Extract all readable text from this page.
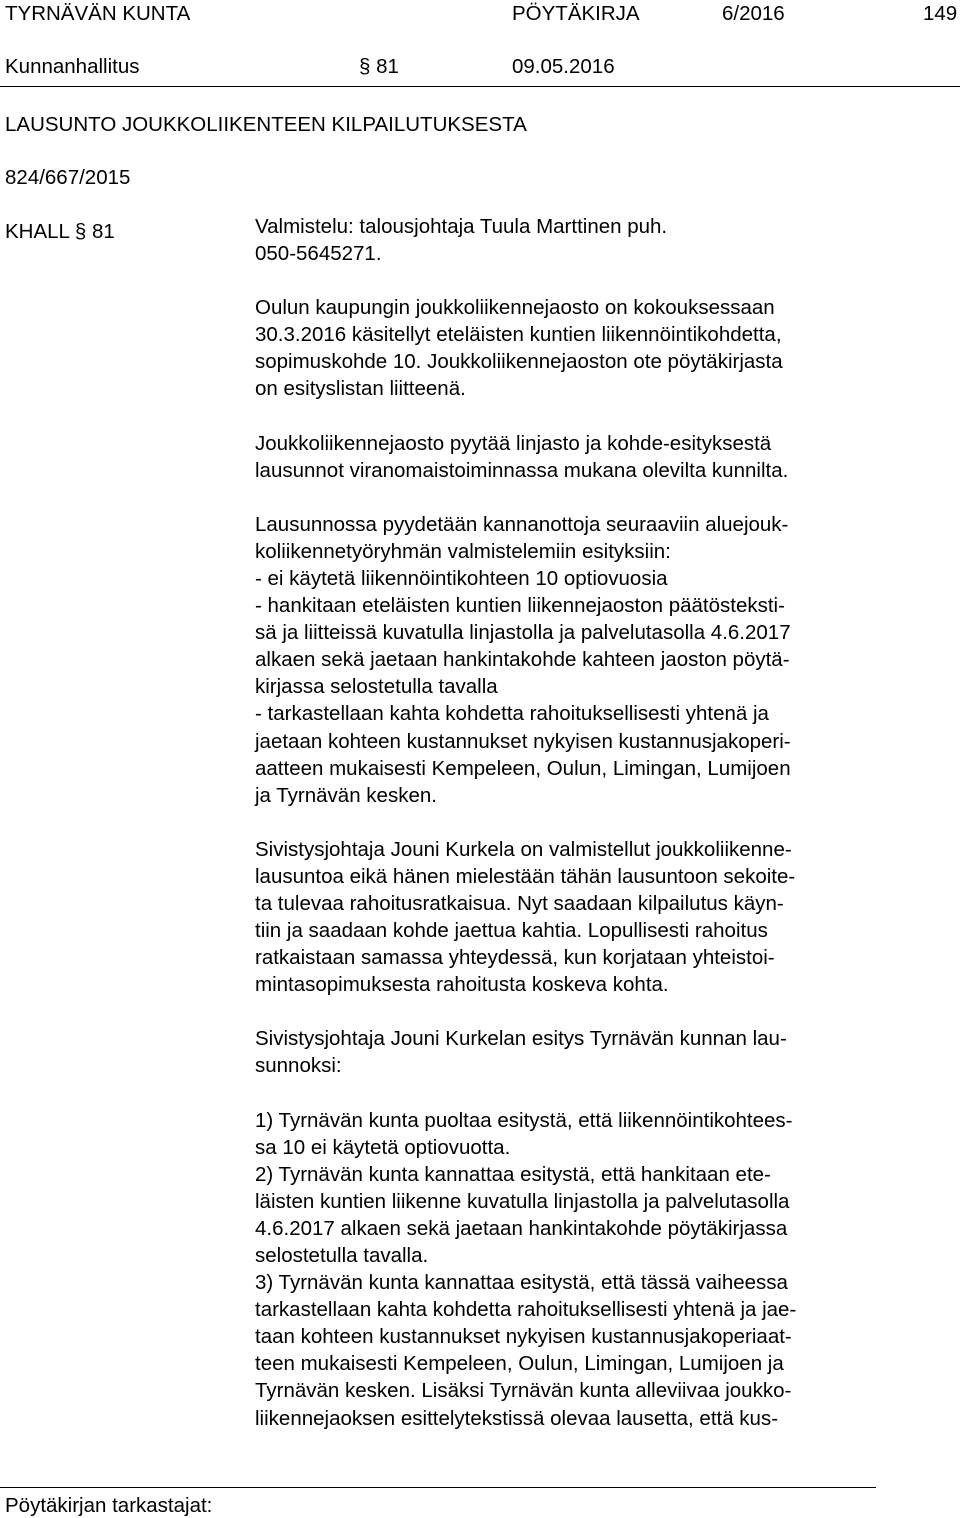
TYRNÄVÄN KUNTA	PÖYTÄKIRJA	6/2016	149
Kunnanhallitus	§ 81	09.05.2016
LAUSUNTO JOUKKOLIIKENTEEN KILPAILUTUKSESTA
824/667/2015
KHALL § 81	Valmistelu: talousjohtaja Tuula Marttinen puh.
050-5645271.
Oulun kaupungin joukkoliikennejaosto on kokouksessaan
30.3.2016 käsitellyt eteläisten kuntien liikennöintikohdetta,
sopimuskohde 10. Joukkoliikennejaoston ote pöytäkirjasta
on esityslistan liitteenä.
Joukkoliikennejaosto pyytää linjasto ja kohde-esityksestä
lausunnot viranomaistoiminnassa mukana olevilta kunnilta.
Lausunnossa pyydetään kannanottoja seuraaviin aluejouk-
koliikennetyöryhmän valmistelemiin esityksiin:
- ei käytetä liikennöintikohteen 10 optiovuosia
- hankitaan eteläisten kuntien liikennejaoston päätösteksti-
sä ja liitteissä kuvatulla linjastolla ja palvelutasolla 4.6.2017
alkaen sekä jaetaan hankintakohde kahteen jaoston pöytä-
kirjassa selostetulla tavalla
- tarkastellaan kahta kohdetta rahoituksellisesti yhtenä ja
jaetaan kohteen kustannukset nykyisen kustannusjakoperi-
aatteen mukaisesti Kempeleen, Oulun, Limingan, Lumijoen
ja Tyrnävän kesken.
Sivistysjohtaja Jouni Kurkela on valmistellut joukkoliikenne-
lausuntoa eikä hänen mielestään tähän lausuntoon sekoite-
ta tulevaa rahoitusratkaisua. Nyt saadaan kilpailutus käyn-
tiin ja saadaan kohde jaettua kahtia. Lopullisesti rahoitus
ratkaistaan samassa yhteydessä, kun korjataan yhteistoi-
mintasopimuksesta rahoitusta koskeva kohta.
Sivistysjohtaja Jouni Kurkelan esitys Tyrnävän kunnan lau-
sunnoksi:
1) Tyrnävän kunta puoltaa esitystä, että liikennöintikohtees-
sa 10 ei käytetä optiovuotta.
2) Tyrnävän kunta kannattaa esitystä, että hankitaan ete-
läisten kuntien liikenne kuvatulla linjastolla ja palvelutasolla
4.6.2017 alkaen sekä jaetaan hankintakohde pöytäkirjassa
selostetulla tavalla.
3) Tyrnävän kunta kannattaa esitystä, että tässä vaiheessa
tarkastellaan kahta kohdetta rahoituksellisesti yhtenä ja jae-
taan kohteen kustannukset nykyisen kustannusjakoperiaat-
teen mukaisesti Kempeleen, Oulun, Limingan, Lumijoen ja
Tyrnävän kesken. Lisäksi Tyrnävän kunta alleviivaa joukko-
liikennejaoksen esittelytekstissä olevaa lausetta, että kus-
Pöytäkirjan tarkastajat:
